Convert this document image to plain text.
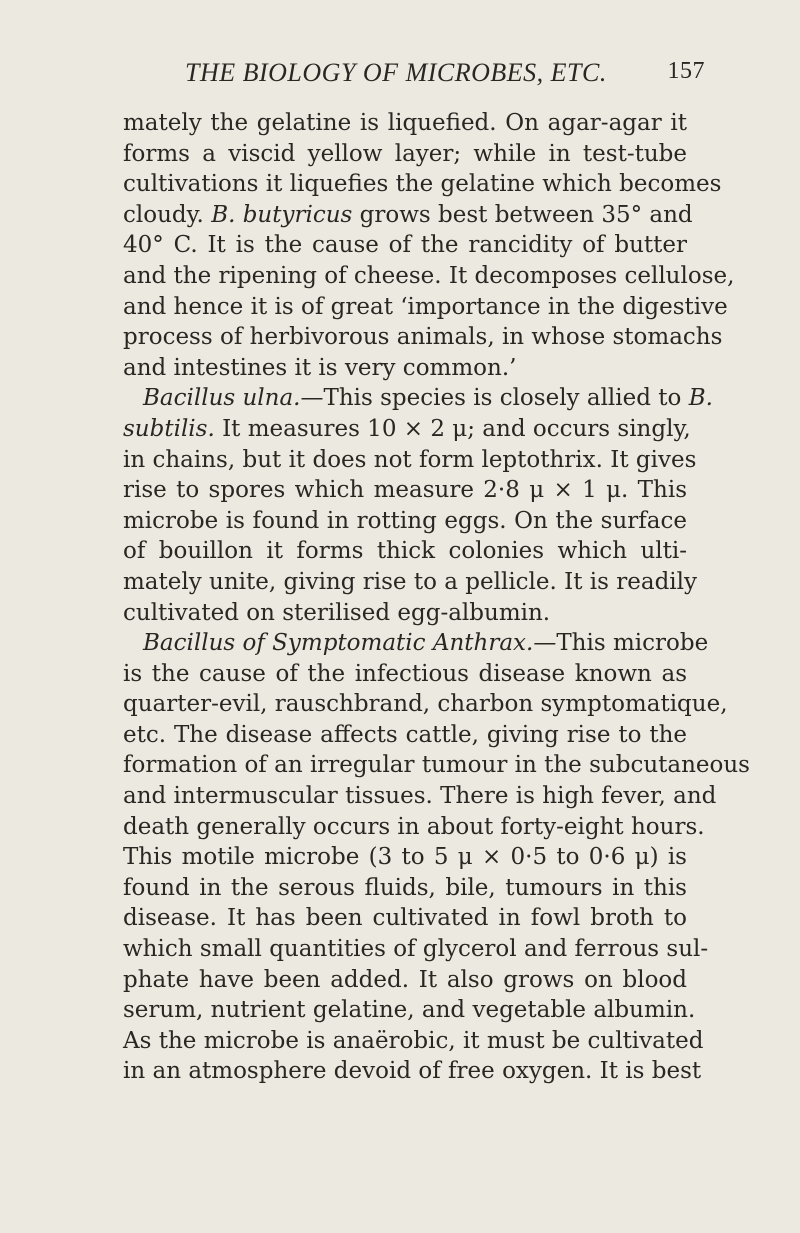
THE BIOLOGY OF MICROBES, ETC.	157
mately the gelatine is liquefied. On agar-agar it
forms a viscid yellow layer; while in test-tube
cultivations it liquefies the gelatine which becomes
cloudy. B. butyricus grows best between 35° and
40° C. It is the cause of the rancidity of butter
and the ripening of cheese. It decomposes cellulose,
and hence it is of great ‘importance in the digestive
process of herbivorous animals, in whose stomachs
and intestines it is very common.’
Bacillus ulna.—This species is closely allied to B.
subtilis. It measures 10 × 2 μ; and occurs singly,
in chains, but it does not form leptothrix. It gives
rise to spores which measure 2·8 μ × 1 μ. This
microbe is found in rotting eggs. On the surface
of bouillon it forms thick colonies which ulti-
mately unite, giving rise to a pellicle. It is readily
cultivated on sterilised egg-albumin.
Bacillus of Symptomatic Anthrax.—This microbe
is the cause of the infectious disease known as
quarter-evil, rauschbrand, charbon symptomatique,
etc. The disease affects cattle, giving rise to the
formation of an irregular tumour in the subcutaneous
and intermuscular tissues. There is high fever, and
death generally occurs in about forty-eight hours.
This motile microbe (3 to 5 μ × 0·5 to 0·6 μ) is
found in the serous fluids, bile, tumours in this
disease. It has been cultivated in fowl broth to
which small quantities of glycerol and ferrous sul-
phate have been added. It also grows on blood
serum, nutrient gelatine, and vegetable albumin.
As the microbe is anaërobic, it must be cultivated
in an atmosphere devoid of free oxygen. It is best
